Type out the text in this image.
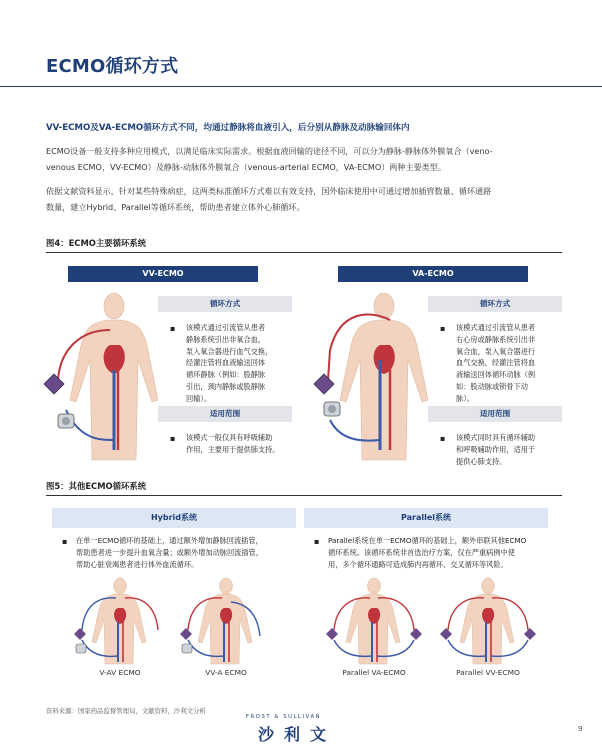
ECMO循环方式
VV-ECMO及VA-ECMO循环方式不同，均通过静脉将血液引入，后分别从静脉及动脉输回体内
ECMO设备一般支持多种应用模式，以满足临床实际需求。根据血液回输的途径不同，可以分为静脉-静脉体外膜氧合（veno-
venous ECMO，VV-ECMO）及静脉-动脉体外膜氧合（venous-arterial ECMO，VA-ECMO）两种主要类型。
依据文献资料显示，针对某些特殊病症，这两类标准循环方式难以有效支持，国外临床使用中可通过增加插管数量、循环通路
数量，建立Hybrid、Parallel等循环系统，帮助患者建立体外心肺循环。
图4：ECMO主要循环系统
VV-ECMO	VA-ECMO
循环方式
▪ 该模式通过引流管从患者
静脉系统引出非氧合血，
泵入氧合器进行血气交换，
经灌注管将血液输送回体
循环静脉（例如：股静脉
引出，颈内静脉或股静脉
回输）。
适用范围
▪ 该模式一般仅具有呼吸辅助
作用，主要用于提供肺支持。
循环方式
▪ 该模式通过引流管从患者
右心房或静脉系统引出非
氧合血，泵入氧合器进行
血气交换，经灌注管将血
液输送回体循环动脉（例
如：股动脉或锁骨下动
脉）。
适用范围
▪ 该模式同时具有循环辅助
和呼吸辅助作用，适用于
提供心肺支持。
图5：其他ECMO循环系统
Hybrid系统	Parallel系统
▪ 在单一ECMO循环的基础上，通过额外增加静脉回流插管，
帮助患者进一步提升血氧含量；或额外增加动脉回流插管，
帮助心脏衰竭患者进行体外血流循环。
▪ Parallel系统在单一ECMO循环的基础上，额外串联其他ECMO
循环系统。该循环系统非首选治疗方案，仅在严重病例中使
用，多个循环通路可造成肺内再循环、交叉循环等风险。
V-AV ECMO	VV-A ECMO	Parallel VA-ECMO	Parallel VV-ECMO
资料来源：国家药品监督管理局，文献资料，沙利文分析
FROST & SULLIVAN
沙利文	9
